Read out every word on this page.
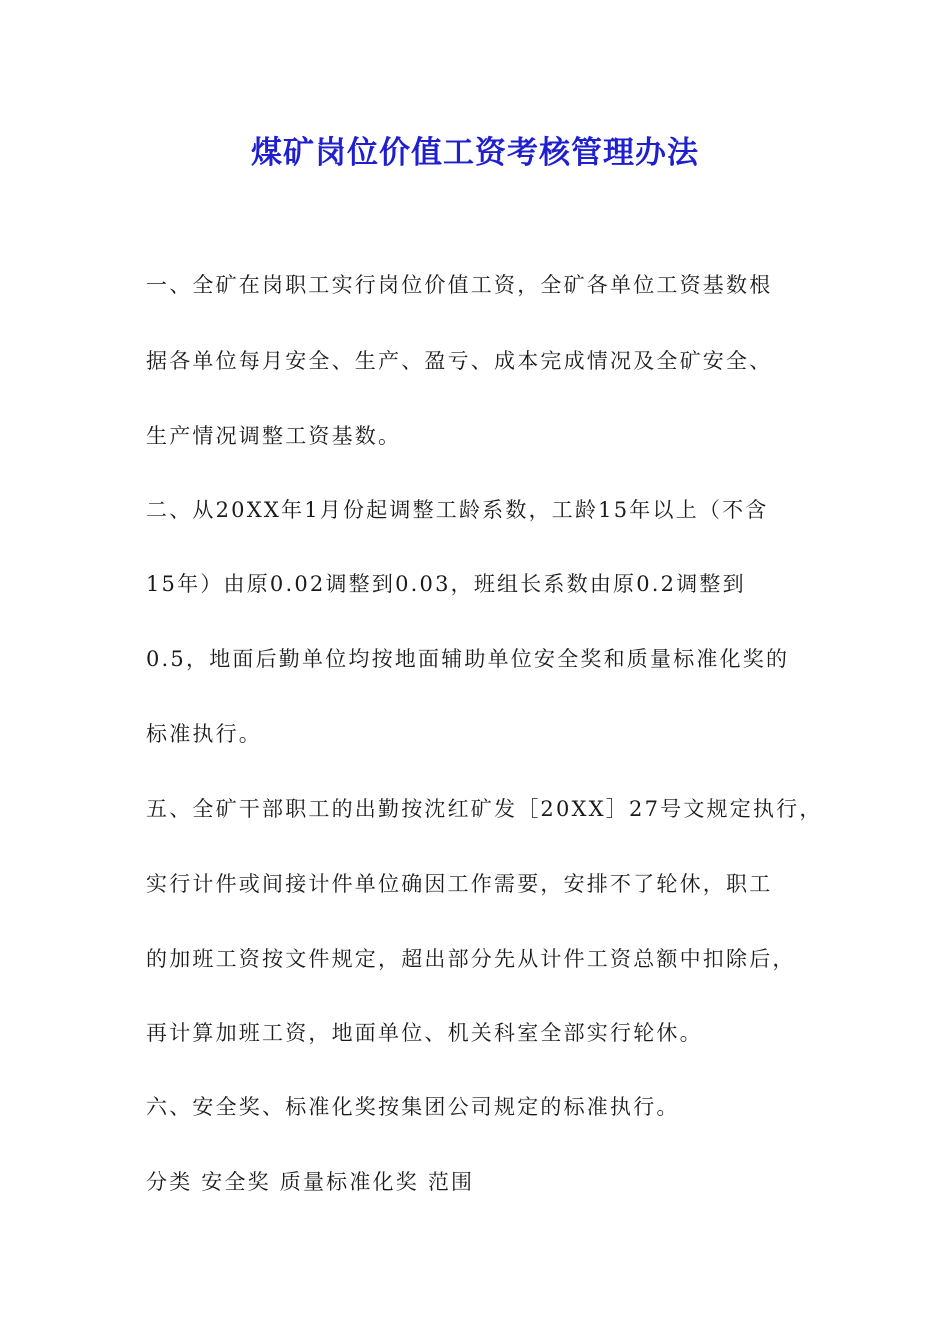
煤矿岗位价值工资考核管理办法
一、全矿在岗职工实行岗位价值工资，全矿各单位工资基数根
据各单位每月安全、生产、盈亏、成本完成情况及全矿安全、
生产情况调整工资基数。
二、从20XX年1月份起调整工龄系数，工龄15年以上（不含
15年）由原0.02调整到0.03，班组长系数由原0.2调整到
0.5，地面后勤单位均按地面辅助单位安全奖和质量标准化奖的
标准执行。
五、全矿干部职工的出勤按沈红矿发［20XX］27号文规定执行，
实行计件或间接计件单位确因工作需要，安排不了轮休，职工
的加班工资按文件规定，超出部分先从计件工资总额中扣除后，
再计算加班工资，地面单位、机关科室全部实行轮休。
六、安全奖、标准化奖按集团公司规定的标准执行。
分类 安全奖 质量标准化奖 范围
